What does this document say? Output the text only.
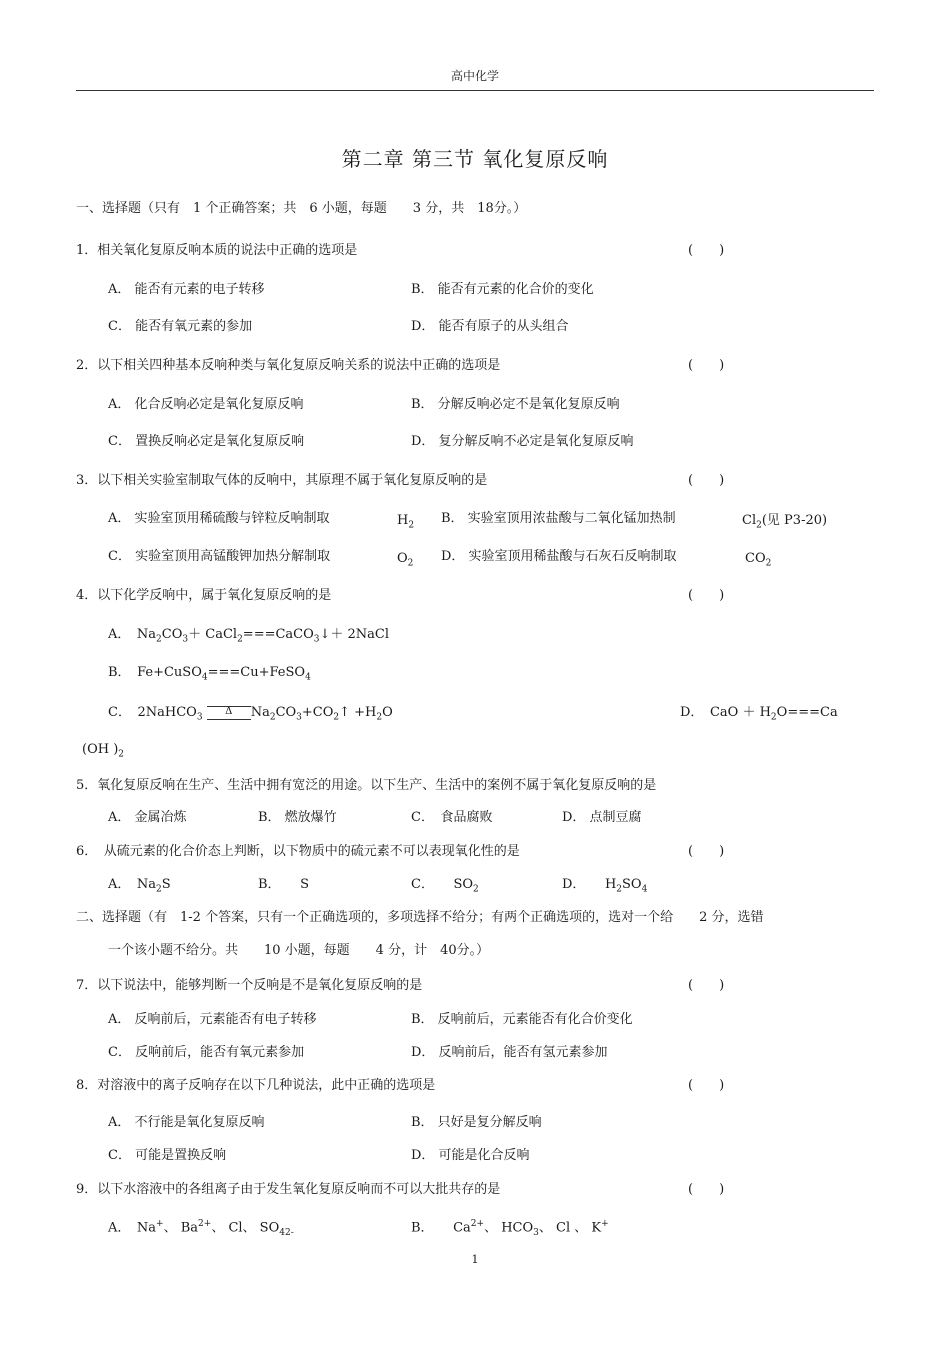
高中化学
第二章 第三节 氧化复原反响
一、选择题（只有　1 个正确答案；共　6 小题，每题　　3 分，共　18分。）
1．相关氧化复原反响本质的说法中正确的选项是	(　　)
A． 能否有元素的电子转移	B． 能否有元素的化合价的变化
C． 能否有氧元素的参加	D． 能否有原子的从头组合
2．以下相关四种基本反响种类与氧化复原反响关系的说法中正确的选项是	(　　)
A． 化合反响必定是氧化复原反响	B． 分解反响必定不是氧化复原反响
C． 置换反响必定是氧化复原反响	D． 复分解反响不必定是氧化复原反响
3．以下相关实验室制取气体的反响中，其原理不属于氧化复原反响的是	(　　)
A． 实验室顶用稀硫酸与锌粒反响制取	$H_2$ B． 实验室顶用浓盐酸与二氧化锰加热制	$Cl_2$(见 P3-20)
C． 实验室顶用高锰酸钾加热分解制取	$O_2$ D． 实验室顶用稀盐酸与石灰石反响制取	$CO_2$
4．以下化学反响中，属于氧化复原反响的是	(　　)
A．　 $Na_2CO_3+$ CaCl$_2$===CaCO$_3$↓＋ 2NaCl
B．　 Fe+CuSO$_4$===Cu+FeSO$_4$
C．　 2NaHCO$_3$ Δ $Na_2CO_3+CO_2↑ +H_2O$	D．　 CaO ＋ $H_2O===Ca$
(OH )$_2$
5．氧化复原反响在生产、生活中拥有宽泛的用途。以下生产、生活中的案例不属于氧化复原反响的是
A． 金属冶炼	B． 燃放爆竹	C．　食品腐败	D． 点制豆腐
6．　从硫元素的化合价态上判断，以下物质中的硫元素不可以表现氧化性的是	(　　)
A．　 $Na_2S$	B．　　 S	C．　　 $SO_2$	D．　　 $H_2SO_4$
二、选择题（有　1-2 个答案，只有一个正确选项的，多项选择不给分；有两个正确选项的，选对一个给　　2 分，选错
一个该小题不给分。共　　10 小题，每题　　4 分，计　40分。）
7．以下说法中，能够判断一个反响是不是氧化复原反响的是	(　　)
A． 反响前后，元素能否有电子转移	B． 反响前后，元素能否有化合价变化
C． 反响前后，能否有氧元素参加	D． 反响前后，能否有氢元素参加
8．对溶液中的离子反响存在以下几种说法，此中正确的选项是	(　　)
A． 不行能是氧化复原反响	B． 只好是复分解反响
C． 可能是置换反响	D． 可能是化合反响
9．以下水溶液中的各组离子由于发生氧化复原反响而不可以大批共存的是	(　　)
A．　 Na+、 $Ba^{2+}$、 Cl、 $SO_{42-}$	B．　　 $Ca^{2+}$、 $HCO_3$、 Cl 、 K+
1
